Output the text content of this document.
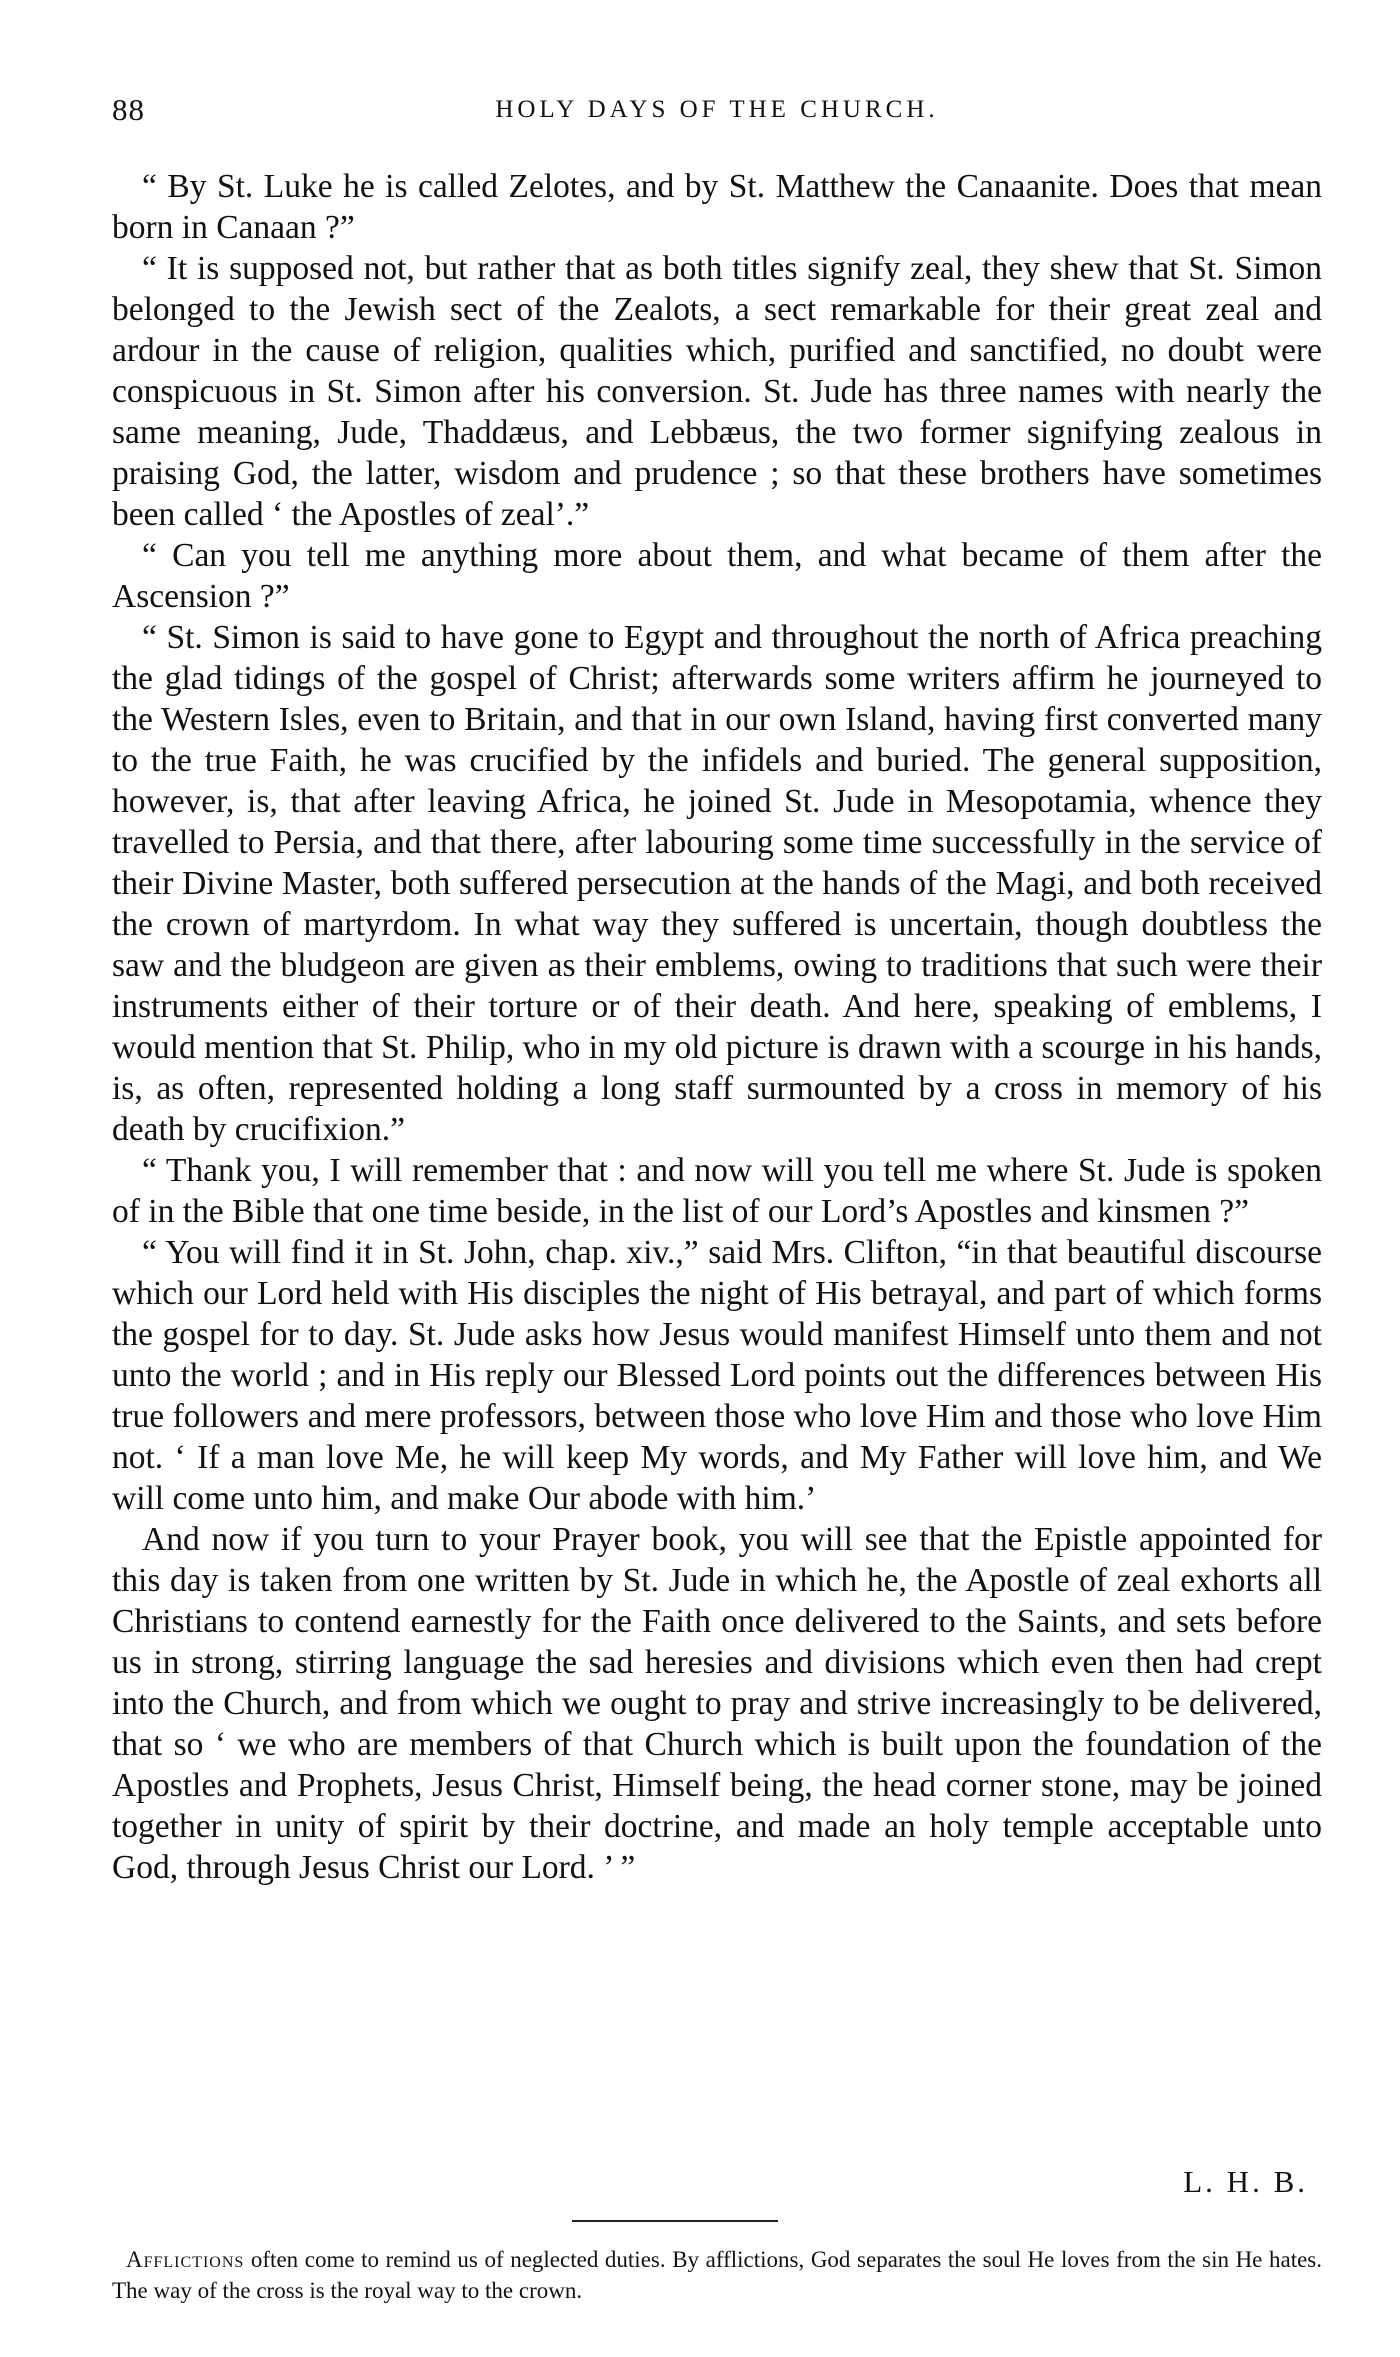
88	HOLY DAYS OF THE CHURCH.

“ By St. Luke he is called Zelotes, and by St. Matthew the Canaanite. Does that mean born in Canaan ?”

“ It is supposed not, but rather that as both titles signify zeal, they shew that St. Simon belonged to the Jewish sect of the Zealots, a sect remarkable for their great zeal and ardour in the cause of religion, qualities which, purified and sanctified, no doubt were conspicuous in St. Simon after his conversion. St. Jude has three names with nearly the same meaning, Jude, Thaddæus, and Lebbæus, the two former signifying zealous in praising God, the latter, wisdom and prudence ; so that these brothers have sometimes been called ‘ the Apostles of zeal’.”

“ Can you tell me anything more about them, and what became of them after the Ascension ?”

“ St. Simon is said to have gone to Egypt and throughout the north of Africa preaching the glad tidings of the gospel of Christ; afterwards some writers affirm he journeyed to the Western Isles, even to Britain, and that in our own Island, having first converted many to the true Faith, he was crucified by the infidels and buried. The general supposition, however, is, that after leaving Africa, he joined St. Jude in Mesopotamia, whence they travelled to Persia, and that there, after labouring some time successfully in the service of their Divine Master, both suffered persecution at the hands of the Magi, and both received the crown of martyrdom. In what way they suffered is uncertain, though doubtless the saw and the bludgeon are given as their emblems, owing to traditions that such were their instruments either of their torture or of their death. And here, speaking of emblems, I would mention that St. Philip, who in my old picture is drawn with a scourge in his hands, is, as often, represented holding a long staff surmounted by a cross in memory of his death by crucifixion.”

“ Thank you, I will remember that : and now will you tell me where St. Jude is spoken of in the Bible that one time beside, in the list of our Lord’s Apostles and kinsmen ?”

“ You will find it in St. John, chap. xiv.,” said Mrs. Clifton, “in that beautiful discourse which our Lord held with His disciples the night of His betrayal, and part of which forms the gospel for to day. St. Jude asks how Jesus would manifest Himself unto them and not unto the world ; and in His reply our Blessed Lord points out the differences between His true followers and mere professors, between those who love Him and those who love Him not. ‘ If a man love Me, he will keep My words, and My Father will love him, and We will come unto him, and make Our abode with him.’

And now if you turn to your Prayer book, you will see that the Epistle appointed for this day is taken from one written by St. Jude in which he, the Apostle of zeal exhorts all Christians to contend earnestly for the Faith once delivered to the Saints, and sets before us in strong, stirring language the sad heresies and divisions which even then had crept into the Church, and from which we ought to pray and strive increasingly to be delivered, that so ‘ we who are members of that Church which is built upon the foundation of the Apostles and Prophets, Jesus Christ, Himself being, the head corner stone, may be joined together in unity of spirit by their doctrine, and made an holy temple acceptable unto God, through Jesus Christ our Lord. ’ ”

L. H. B.
Afflictions often come to remind us of neglected duties. By afflictions, God separates the soul He loves from the sin He hates. The way of the cross is the royal way to the crown.
